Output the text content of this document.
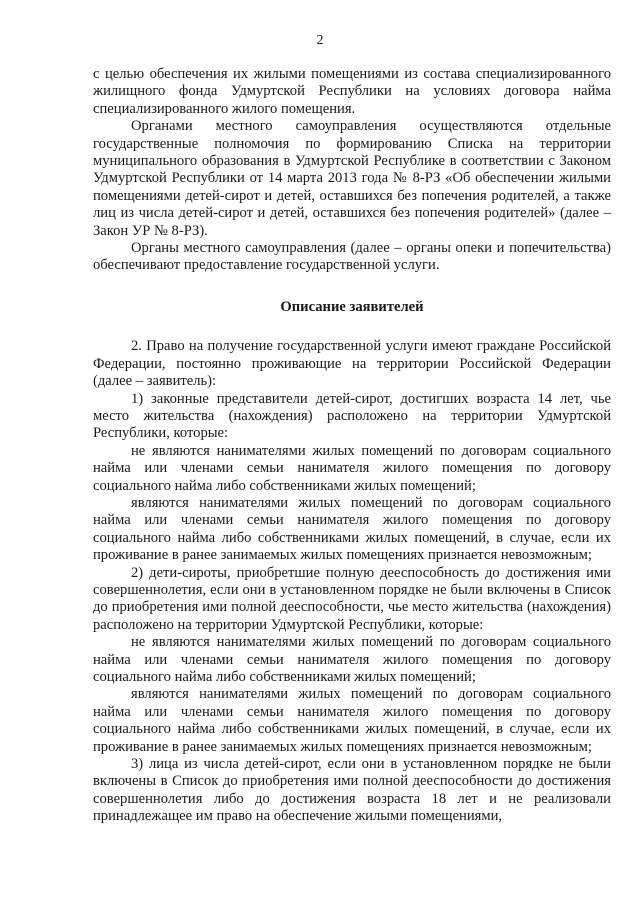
2

с целью обеспечения их жилыми помещениями из состава специализированного жилищного фонда Удмуртской Республики на условиях договора найма специализированного жилого помещения.

Органами местного самоуправления осуществляются отдельные государственные полномочия по формированию Списка на территории муниципального образования в Удмуртской Республике в соответствии с Законом Удмуртской Республики от 14 марта 2013 года № 8-РЗ «Об обеспечении жилыми помещениями детей-сирот и детей, оставшихся без попечения родителей, а также лиц из числа детей-сирот и детей, оставшихся без попечения родителей» (далее – Закон УР № 8-РЗ).

Органы местного самоуправления (далее – органы опеки и попечительства) обеспечивают предоставление государственной услуги.

Описание заявителей

2. Право на получение государственной услуги имеют граждане Российской Федерации, постоянно проживающие на территории Российской Федерации (далее – заявитель):

1) законные представители детей-сирот, достигших возраста 14 лет, чье место жительства (нахождения) расположено на территории Удмуртской Республики, которые:

не являются нанимателями жилых помещений по договорам социального найма или членами семьи нанимателя жилого помещения по договору социального найма либо собственниками жилых помещений;

являются нанимателями жилых помещений по договорам социального найма или членами семьи нанимателя жилого помещения по договору социального найма либо собственниками жилых помещений, в случае, если их проживание в ранее занимаемых жилых помещениях признается невозможным;

2) дети-сироты, приобретшие полную дееспособность до достижения ими совершеннолетия, если они в установленном порядке не были включены в Список до приобретения ими полной дееспособности, чье место жительства (нахождения) расположено на территории Удмуртской Республики, которые:

не являются нанимателями жилых помещений по договорам социального найма или членами семьи нанимателя жилого помещения по договору социального найма либо собственниками жилых помещений;

являются нанимателями жилых помещений по договорам социального найма или членами семьи нанимателя жилого помещения по договору социального найма либо собственниками жилых помещений, в случае, если их проживание в ранее занимаемых жилых помещениях признается невозможным;

3) лица из числа детей-сирот, если они в установленном порядке не были включены в Список до приобретения ими полной дееспособности до достижения совершеннолетия либо до достижения возраста 18 лет и не реализовали принадлежащее им право на обеспечение жилыми помещениями,
